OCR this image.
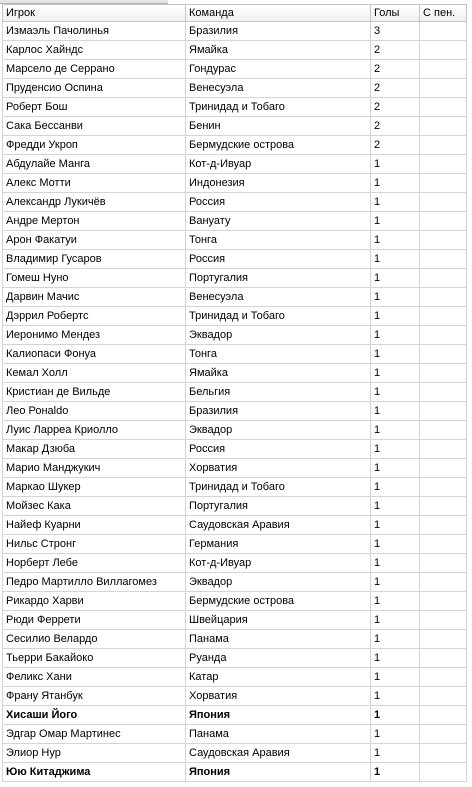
Игрок	Команда	Голы	С пен.
Измаэль Пачолинья	Бразилия	3
Карлос Хайндс	Ямайка	2
Марсело де Серрано	Гондурас	2
Пруденсио Оспина	Венесуэла	2
Роберт Бош	Тринидад и Тобаго	2
Сака Бессанви	Бенин	2
Фредди Укроп	Бермудские острова	2
Абдулайе Манга	Кот-д-Ивуар	1
Алекс Мотти	Индонезия	1
Александр Лукичёв	Россия	1
Андре Мертон	Вануату	1
Арон Факатуи	Тонга	1
Владимир Гусаров	Россия	1
Гомеш Нуно	Португалия	1
Дарвин Мачис	Венесуэла	1
Дэррил Робертс	Тринидад и Тобаго	1
Иеронимо Мендез	Эквадор	1
Калиопаси Фонуа	Тонга	1
Кемал Холл	Ямайка	1
Кристиан де Вильде	Бельгия	1
Лео Ронаldo	Бразилия	1
Луис Ларреа Криолло	Эквадор	1
Макар Дзюба	Россия	1
Марио Манджукич	Хорватия	1
Маркао Шукер	Тринидад и Тобаго	1
Мойзес Кака	Португалия	1
Найеф Куарни	Саудовская Аравия	1
Нильс Стронг	Германия	1
Норберт Лебе	Кот-д-Ивуар	1
Педро Мартилло Виллагомез	Эквадор	1
Рикардо Харви	Бермудские острова	1
Рюди Феррети	Швейцария	1
Сесилио Велардо	Панама	1
Тьерри Бакайоко	Руанда	1
Феликс Хани	Катар	1
Франу Ятанбук	Хорватия	1
Хисаши Його	Япония	1
Эдгар Омар Мартинес	Панама	1
Элиор Нур	Саудовская Аравия	1
Юю Китаджима	Япония	1
